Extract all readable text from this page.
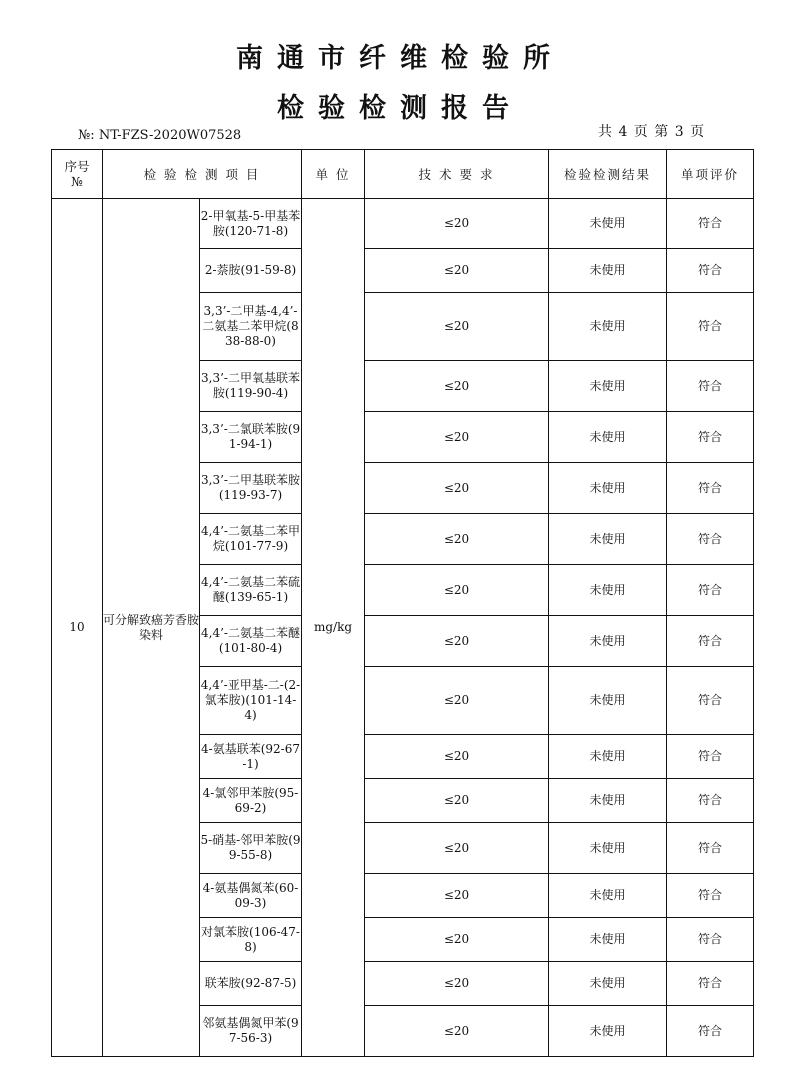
南通市纤维检验所
检验检测报告
№: NT-FZS-2020W07528	共 4 页 第 3 页
序号
№	检 验 检 测 项 目		单 位	技 术 要 求	检验检测结果	单项评价
10	可分解致癌芳香胺染料	2-甲氧基-5-甲基苯胺(120-71-8)	mg/kg	≤20	未使用	符合
		2-萘胺(91-59-8)		≤20	未使用	符合
		3,3’-二甲基-4,4’-二氨基二苯甲烷(838-88-0)		≤20	未使用	符合
		3,3’-二甲氧基联苯胺(119-90-4)		≤20	未使用	符合
		3,3’-二氯联苯胺(91-94-1)		≤20	未使用	符合
		3,3’-二甲基联苯胺(119-93-7)		≤20	未使用	符合
		4,4’-二氨基二苯甲烷(101-77-9)		≤20	未使用	符合
		4,4’-二氨基二苯硫醚(139-65-1)		≤20	未使用	符合
		4,4’-二氨基二苯醚(101-80-4)		≤20	未使用	符合
		4,4’-亚甲基-二-(2-氯苯胺)(101-14-4)		≤20	未使用	符合
		4-氨基联苯(92-67-1)		≤20	未使用	符合
		4-氯邻甲苯胺(95-69-2)		≤20	未使用	符合
		5-硝基-邻甲苯胺(99-55-8)		≤20	未使用	符合
		4-氨基偶氮苯(60-09-3)		≤20	未使用	符合
		对氯苯胺(106-47-8)		≤20	未使用	符合
		联苯胺(92-87-5)		≤20	未使用	符合
		邻氨基偶氮甲苯(97-56-3)		≤20	未使用	符合
